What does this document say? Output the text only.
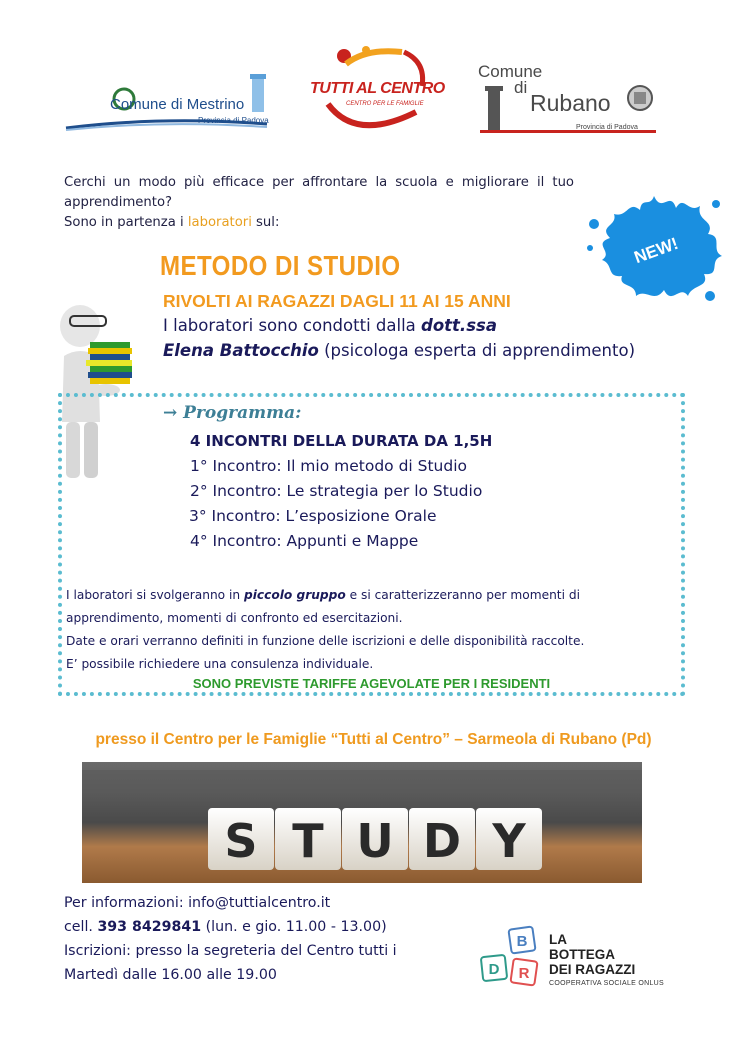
Comune di Mestrino
Provincia di Padova
TUTTI AL CENTRO
CENTRO PER LE FAMIGLIE
Comune
di
Rubano
Provincia di Padova
Cerchi un modo più efficace per affrontare la scuola e migliorare il tuo apprendimento?
Sono in partenza i laboratori sul:
NEW!
METODO DI STUDIO
RIVOLTI AI RAGAZZI DAGLI 11 AI 15 ANNI
I laboratori sono condotti dalla dott.ssa
Elena Battocchio (psicologa esperta di apprendimento)
→ Programma:
4 INCONTRI DELLA DURATA DA 1,5H
1° Incontro: Il mio metodo di Studio
2° Incontro: Le strategia per lo Studio
3° Incontro: L’esposizione Orale
4° Incontro: Appunti e Mappe
I laboratori si svolgeranno in piccolo gruppo e si caratterizzeranno per momenti di
apprendimento, momenti di confronto ed esercitazioni.
Date e orari verranno definiti in funzione delle iscrizioni e delle disponibilità raccolte.
E’ possibile richiedere una consulenza individuale.
SONO PREVISTE TARIFFE AGEVOLATE PER I RESIDENTI
presso il Centro per le Famiglie “Tutti al Centro” – Sarmeola di Rubano (Pd)
S T U D Y
Per informazioni: info@tuttialcentro.it
cell. 393 8429841 (lun. e gio. 11.00 - 13.00)
Iscrizioni: presso la segreteria del Centro tutti i
Martedì dalle 16.00 alle 19.00
B
D R
LA
BOTTEGA
DEI RAGAZZI
COOPERATIVA SOCIALE ONLUS
